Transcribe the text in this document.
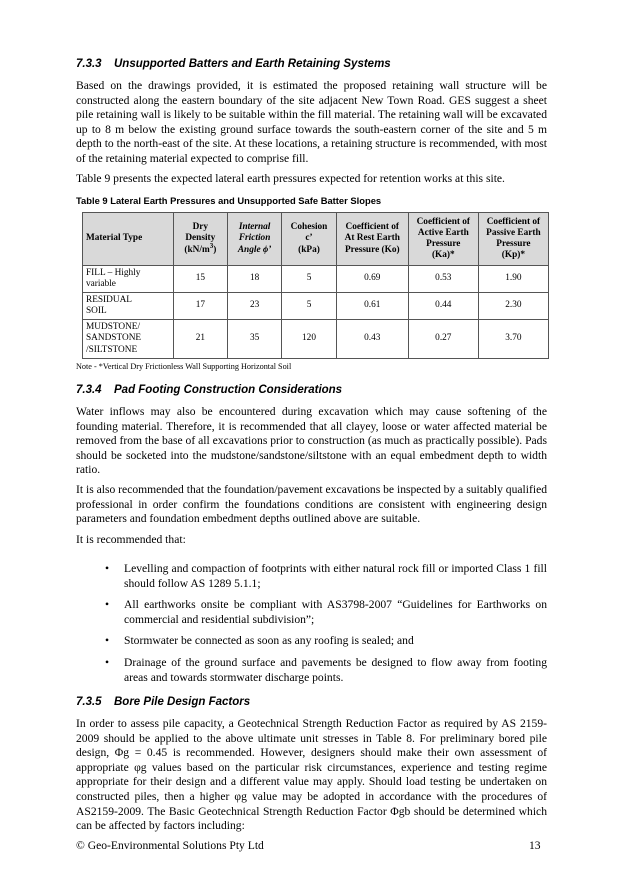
7.3.3 Unsupported Batters and Earth Retaining Systems

Based on the drawings provided, it is estimated the proposed retaining wall structure will be constructed along the eastern boundary of the site adjacent New Town Road. GES suggest a sheet pile retaining wall is likely to be suitable within the fill material. The retaining wall will be excavated up to 8 m below the existing ground surface towards the south-eastern corner of the site and 5 m depth to the north-east of the site. At these locations, a retaining structure is recommended, with most of the retaining material expected to comprise fill.

Table 9 presents the expected lateral earth pressures expected for retention works at this site.

Table 9 Lateral Earth Pressures and Unsupported Safe Batter Slopes
Material Type	Dry
Density
$(kN/m^3)$	Internal
Friction
Angle ϕ’	Cohesion
c’
(kPa)	Coefficient of
At Rest Earth
Pressure (Ko)	Coefficient of
Active Earth
Pressure
(Ka)*	Coefficient of
Passive Earth
Pressure
(Kp)*
FILL – Highly
variable	15	18	5	0.69	0.53	1.90
RESIDUAL
SOIL	17	23	5	0.61	0.44	2.30
MUDSTONE/
SANDSTONE
/SILTSTONE	21	35	120	0.43	0.27	3.70
Note - *Vertical Dry Frictionless Wall Supporting Horizontal Soil
7.3.4 Pad Footing Construction Considerations

Water inflows may also be encountered during excavation which may cause softening of the founding material. Therefore, it is recommended that all clayey, loose or water affected material be removed from the base of all excavations prior to construction (as much as practically possible). Pads should be socketed into the mudstone/sandstone/siltstone with an equal embedment depth to width ratio.

It is also recommended that the foundation/pavement excavations be inspected by a suitably qualified professional in order confirm the foundations conditions are consistent with engineering design parameters and foundation embedment depths outlined above are suitable.

It is recommended that:

• Levelling and compaction of footprints with either natural rock fill or imported Class 1 fill should follow AS 1289 5.1.1;
• All earthworks onsite be compliant with AS3798-2007 “Guidelines for Earthworks on commercial and residential subdivision”;
• Stormwater be connected as soon as any roofing is sealed; and
• Drainage of the ground surface and pavements be designed to flow away from footing areas and towards stormwater discharge points.
7.3.5 Bore Pile Design Factors

In order to assess pile capacity, a Geotechnical Strength Reduction Factor as required by AS 2159-2009 should be applied to the above ultimate unit stresses in Table 8. For preliminary bored pile design, Φg = 0.45 is recommended. However, designers should make their own assessment of appropriate φg values based on the particular risk circumstances, experience and testing regime appropriate for their design and a different value may apply. Should load testing be undertaken on constructed piles, then a higher φg value may be adopted in accordance with the procedures of AS2159-2009. The Basic Geotechnical Strength Reduction Factor Φgb should be determined which can be affected by factors including:

© Geo-Environmental Solutions Pty Ltd	13
